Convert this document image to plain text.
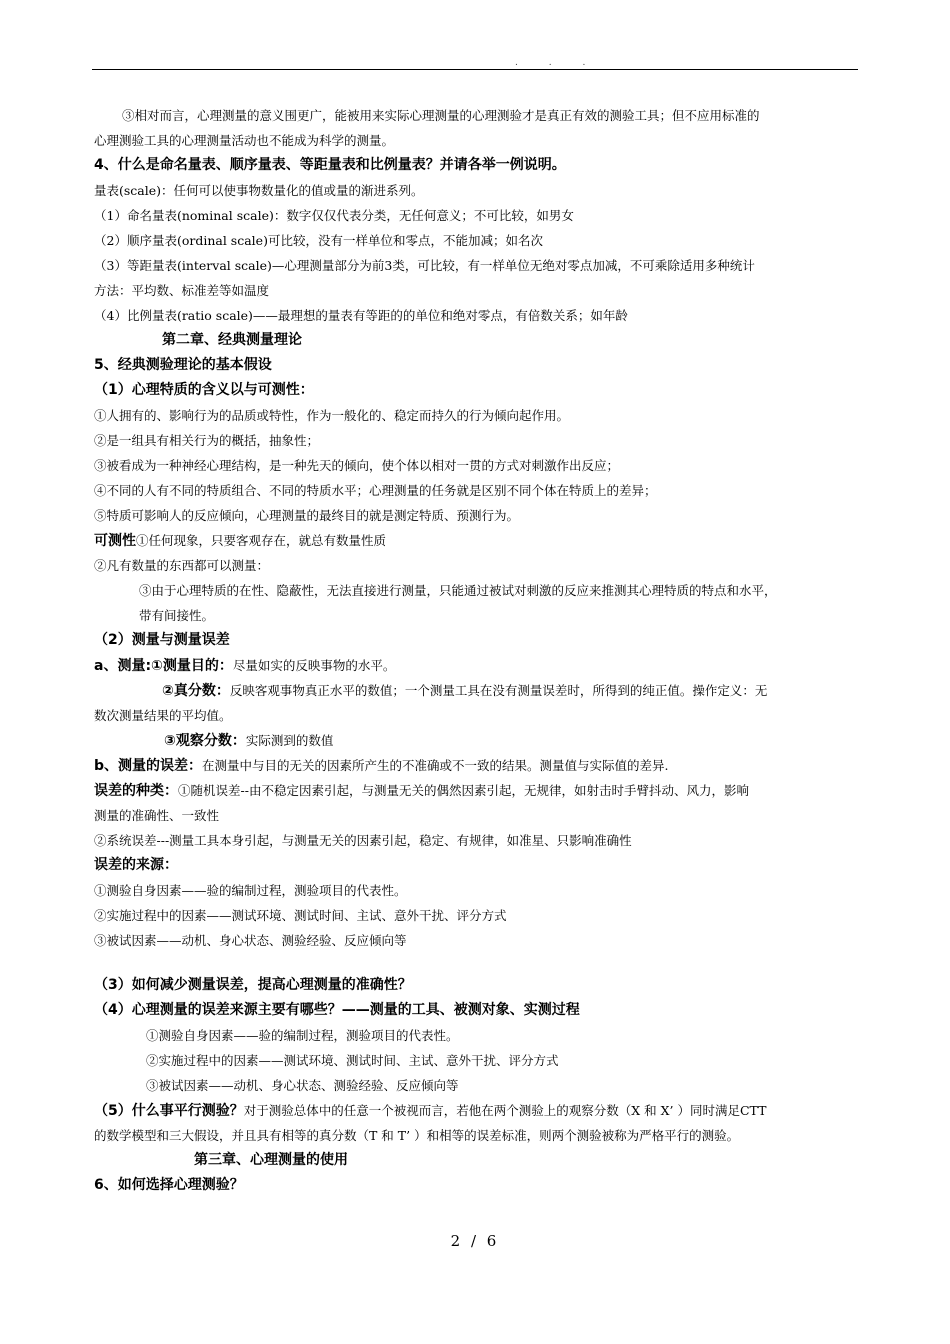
. . .
③相对而言，心理测量的意义围更广，能被用来实际心理测量的心理测验才是真正有效的测验工具；但不应用标准的
心理测验工具的心理测量活动也不能成为科学的测量。
4、什么是命名量表、顺序量表、等距量表和比例量表？并请各举一例说明。
量表(scale)：任何可以使事物数量化的值或量的渐进系列。
（1）命名量表(nominal scale)：数字仅仅代表分类，无任何意义；不可比较，如男女
（2）顺序量表(ordinal scale)可比较，没有一样单位和零点，不能加减；如名次
（3）等距量表(interval scale)—心理测量部分为前3类，可比较，有一样单位无绝对零点加减，不可乘除适用多种统计
方法：平均数、标准差等如温度
（4）比例量表(ratio scale)——最理想的量表有等距的的单位和绝对零点，有倍数关系；如年龄
第二章、经典测量理论
5、经典测验理论的基本假设
（1）心理特质的含义以与可测性：
①人拥有的、影响行为的品质或特性，作为一般化的、稳定而持久的行为倾向起作用。
②是一组具有相关行为的概括，抽象性；
③被看成为一种神经心理结构，是一种先天的倾向，使个体以相对一贯的方式对刺激作出反应；
④不同的人有不同的特质组合、不同的特质水平；心理测量的任务就是区别不同个体在特质上的差异；
⑤特质可影响人的反应倾向，心理测量的最终目的就是测定特质、预测行为。
可测性①任何现象，只要客观存在，就总有数量性质
②凡有数量的东西都可以测量：
③由于心理特质的在性、隐蔽性，无法直接进行测量，只能通过被试对刺激的反应来推测其心理特质的特点和水平，
带有间接性。
（2）测量与测量误差
a、测量:①测量目的：尽量如实的反映事物的水平。
②真分数：反映客观事物真正水平的数值；一个测量工具在没有测量误差时，所得到的纯正值。操作定义：无
数次测量结果的平均值。
③观察分数：实际测到的数值
b、测量的误差：在测量中与目的无关的因素所产生的不准确或不一致的结果。测量值与实际值的差异.
误差的种类：①随机误差--由不稳定因素引起，与测量无关的偶然因素引起，无规律，如射击时手臂抖动、风力，影响
测量的准确性、一致性
②系统误差---测量工具本身引起，与测量无关的因素引起，稳定、有规律，如准星、只影响准确性
误差的来源：
①测验自身因素——验的编制过程，测验项目的代表性。
②实施过程中的因素——测试环境、测试时间、主试、意外干扰、评分方式
③被试因素——动机、身心状态、测验经验、反应倾向等
（3）如何减少测量误差，提高心理测量的准确性？
（4）心理测量的误差来源主要有哪些？——测量的工具、被测对象、实测过程
①测验自身因素——验的编制过程，测验项目的代表性。
②实施过程中的因素——测试环境、测试时间、主试、意外干扰、评分方式
③被试因素——动机、身心状态、测验经验、反应倾向等
（5）什么事平行测验？对于测验总体中的任意一个被视而言，若他在两个测验上的观察分数（X 和 X’ ）同时满足CTT
的数学模型和三大假设，并且具有相等的真分数（T 和 T’ ）和相等的误差标准，则两个测验被称为严格平行的测验。
第三章、心理测量的使用
6、如何选择心理测验？
2 / 6
